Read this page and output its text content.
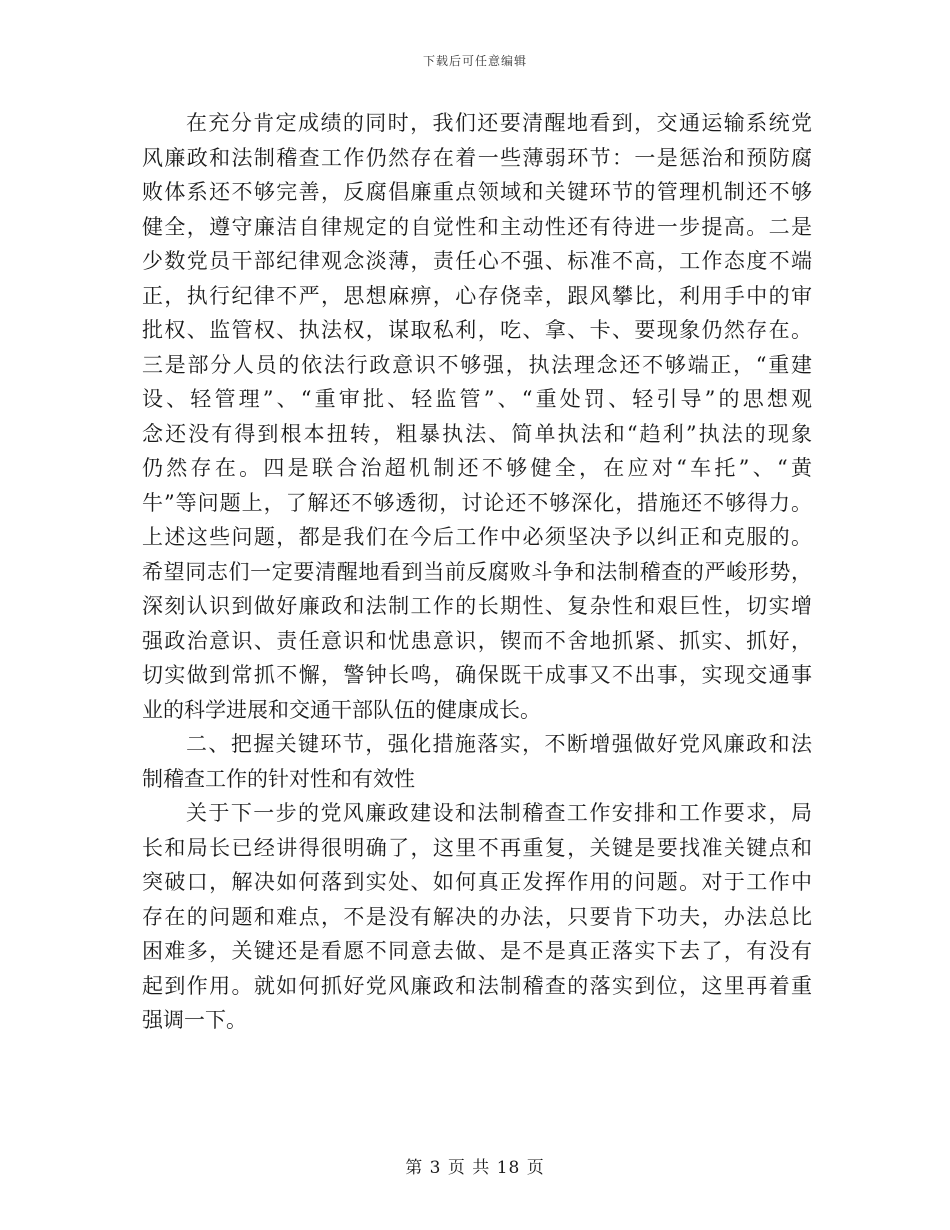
下载后可任意编辑
在充分肯定成绩的同时，我们还要清醒地看到，交通运输系统党
风廉政和法制稽查工作仍然存在着一些薄弱环节：一是惩治和预防腐
败体系还不够完善，反腐倡廉重点领域和关键环节的管理机制还不够
健全，遵守廉洁自律规定的自觉性和主动性还有待进一步提高。二是
少数党员干部纪律观念淡薄，责任心不强、标准不高，工作态度不端
正，执行纪律不严，思想麻痹，心存侥幸，跟风攀比，利用手中的审
批权、监管权、执法权，谋取私利，吃、拿、卡、要现象仍然存在。
三是部分人员的依法行政意识不够强，执法理念还不够端正，“重建
设、轻管理”、“重审批、轻监管”、“重处罚、轻引导”的思想观
念还没有得到根本扭转，粗暴执法、简单执法和“趋利”执法的现象
仍然存在。四是联合治超机制还不够健全，在应对“车托”、“黄
牛”等问题上，了解还不够透彻，讨论还不够深化，措施还不够得力。
上述这些问题，都是我们在今后工作中必须坚决予以纠正和克服的。
希望同志们一定要清醒地看到当前反腐败斗争和法制稽查的严峻形势，
深刻认识到做好廉政和法制工作的长期性、复杂性和艰巨性，切实增
强政治意识、责任意识和忧患意识，锲而不舍地抓紧、抓实、抓好，
切实做到常抓不懈，警钟长鸣，确保既干成事又不出事，实现交通事
业的科学进展和交通干部队伍的健康成长。
二、把握关键环节，强化措施落实，不断增强做好党风廉政和法
制稽查工作的针对性和有效性
关于下一步的党风廉政建设和法制稽查工作安排和工作要求，局
长和局长已经讲得很明确了，这里不再重复，关键是要找准关键点和
突破口，解决如何落到实处、如何真正发挥作用的问题。对于工作中
存在的问题和难点，不是没有解决的办法，只要肯下功夫，办法总比
困难多，关键还是看愿不同意去做、是不是真正落实下去了，有没有
起到作用。就如何抓好党风廉政和法制稽查的落实到位，这里再着重
强调一下。
第 3 页 共 18 页
